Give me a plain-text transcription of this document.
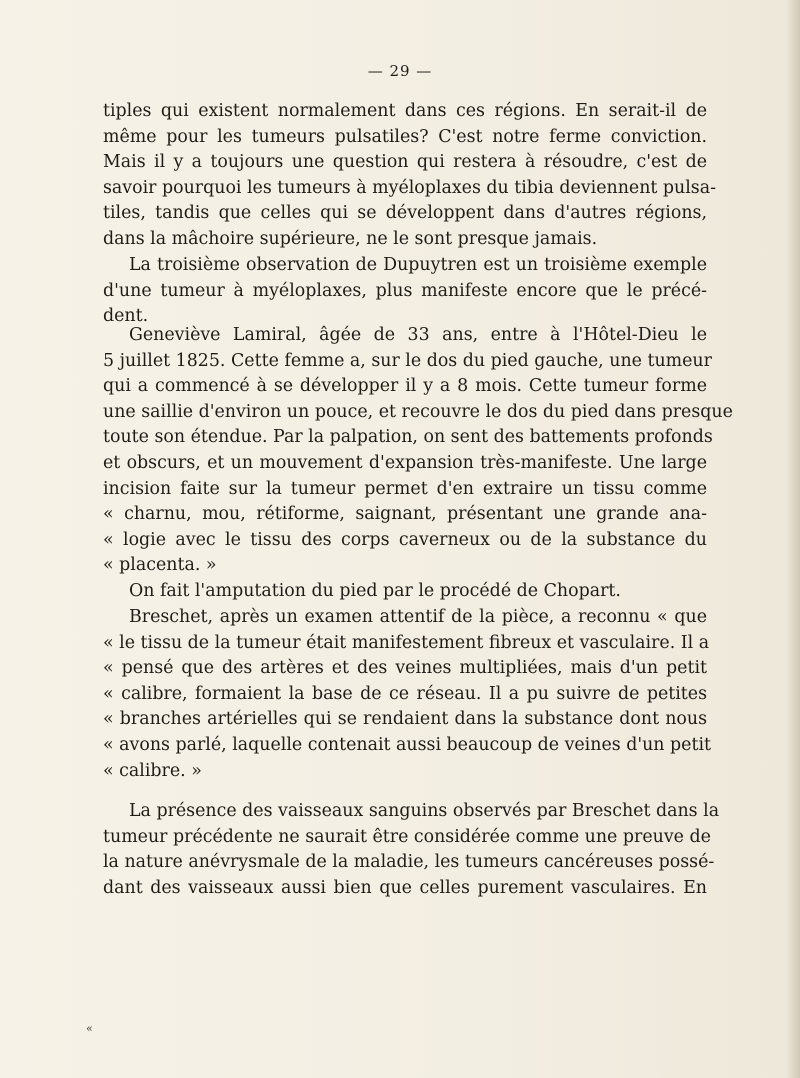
— 29 —
tiples qui existent normalement dans ces régions. En serait-il de
même pour les tumeurs pulsatiles? C'est notre ferme conviction.
Mais il y a toujours une question qui restera à résoudre, c'est de
savoir pourquoi les tumeurs à myéloplaxes du tibia deviennent pulsa-
tiles, tandis que celles qui se développent dans d'autres régions,
dans la mâchoire supérieure, ne le sont presque jamais.
La troisième observation de Dupuytren est un troisième exemple
d'une tumeur à myéloplaxes, plus manifeste encore que le précé-
dent.
Geneviève Lamiral, âgée de 33 ans, entre à l'Hôtel-Dieu le
5 juillet 1825. Cette femme a, sur le dos du pied gauche, une tumeur
qui a commencé à se développer il y a 8 mois. Cette tumeur forme
une saillie d'environ un pouce, et recouvre le dos du pied dans presque
toute son étendue. Par la palpation, on sent des battements profonds
et obscurs, et un mouvement d'expansion très-manifeste. Une large
incision faite sur la tumeur permet d'en extraire un tissu comme
« charnu, mou, rétiforme, saignant, présentant une grande ana-
« logie avec le tissu des corps caverneux ou de la substance du
« placenta. »
On fait l'amputation du pied par le procédé de Chopart.
Breschet, après un examen attentif de la pièce, a reconnu « que
« le tissu de la tumeur était manifestement fibreux et vasculaire. Il a
« pensé que des artères et des veines multipliées, mais d'un petit
« calibre, formaient la base de ce réseau. Il a pu suivre de petites
« branches artérielles qui se rendaient dans la substance dont nous
« avons parlé, laquelle contenait aussi beaucoup de veines d'un petit
« calibre. »
La présence des vaisseaux sanguins observés par Breschet dans la
tumeur précédente ne saurait être considérée comme une preuve de
la nature anévrysmale de la maladie, les tumeurs cancéreuses possé-
dant des vaisseaux aussi bien que celles purement vasculaires. En
«
